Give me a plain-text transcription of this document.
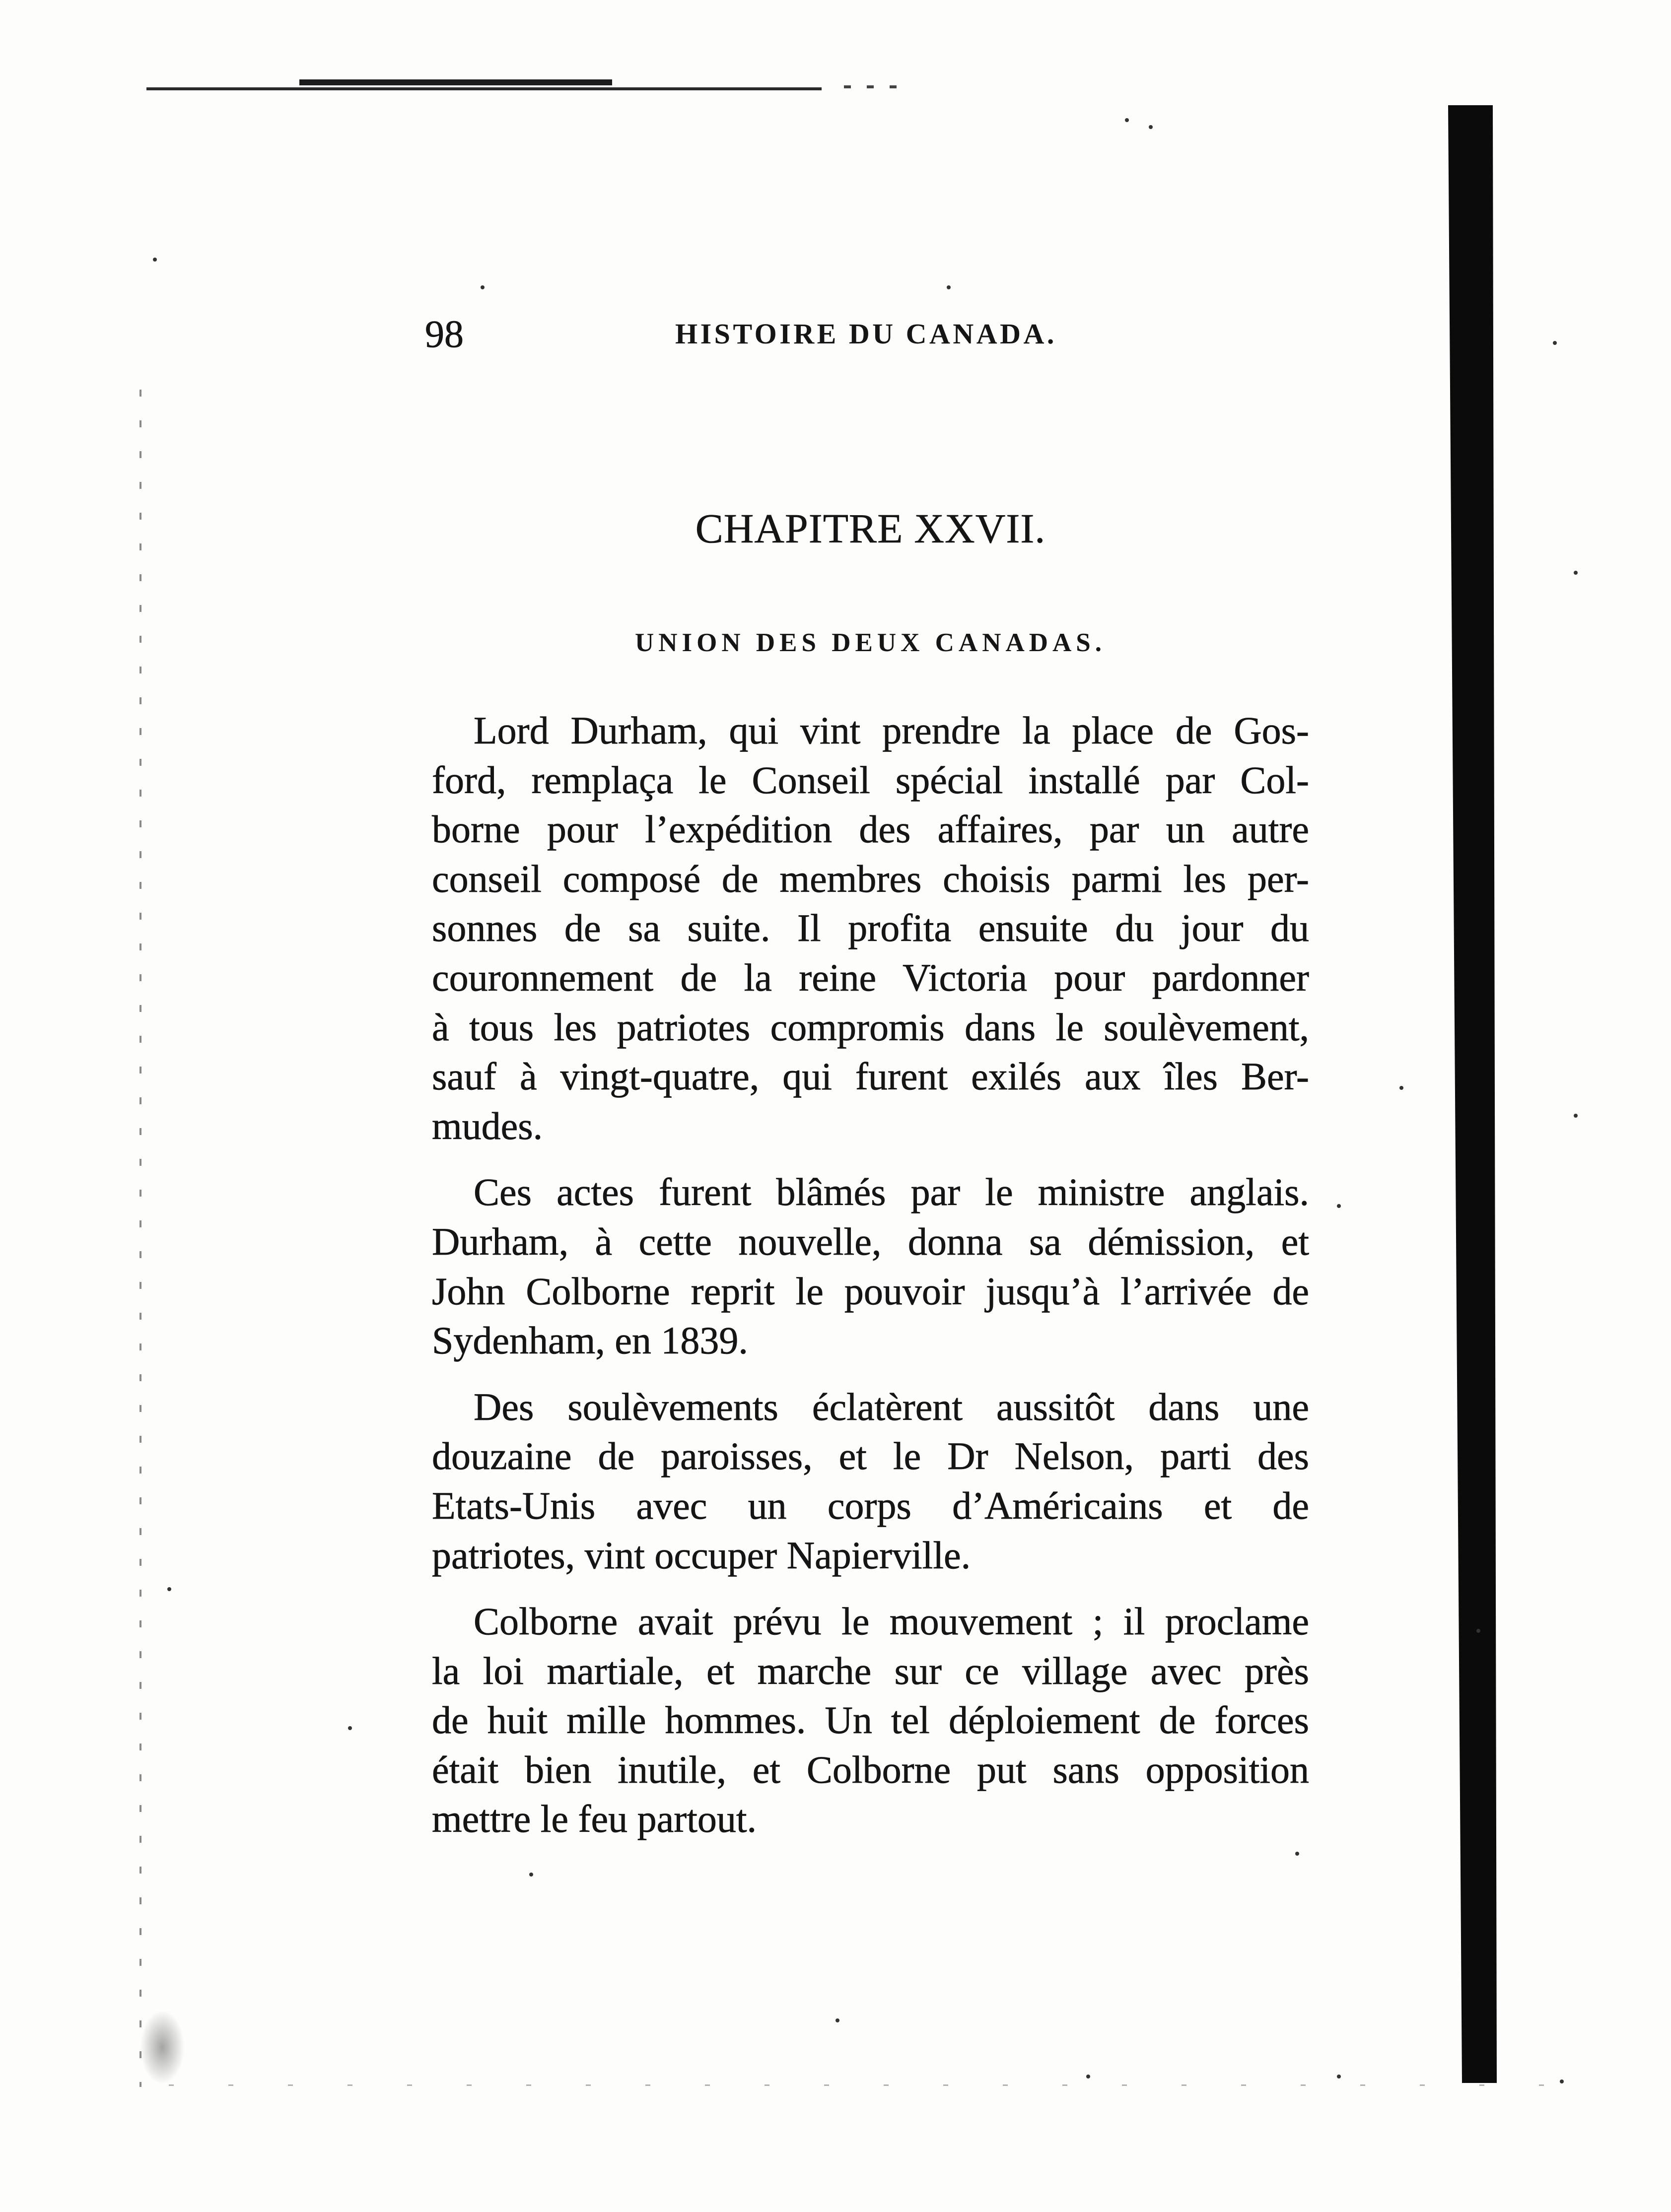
98	HISTOIRE DU CANADA.
CHAPITRE XXVII.
UNION DES DEUX CANADAS.
Lord Durham, qui vint prendre la place de Gos-
ford, remplaça le Conseil spécial installé par Col-
borne pour l’expédition des affaires, par un autre
conseil composé de membres choisis parmi les per-
sonnes de sa suite. Il profita ensuite du jour du
couronnement de la reine Victoria pour pardonner
à tous les patriotes compromis dans le soulèvement,
sauf à vingt-quatre, qui furent exilés aux îles Ber-
mudes.
Ces actes furent blâmés par le ministre anglais.
Durham, à cette nouvelle, donna sa démission, et
John Colborne reprit le pouvoir jusqu’à l’arrivée de
Sydenham, en 1839.
Des soulèvements éclatèrent aussitôt dans une
douzaine de paroisses, et le Dr Nelson, parti des
Etats-Unis avec un corps d’Américains et de
patriotes, vint occuper Napierville.
Colborne avait prévu le mouvement ; il proclame
la loi martiale, et marche sur ce village avec près
de huit mille hommes. Un tel déploiement de forces
était bien inutile, et Colborne put sans opposition
mettre le feu partout.
